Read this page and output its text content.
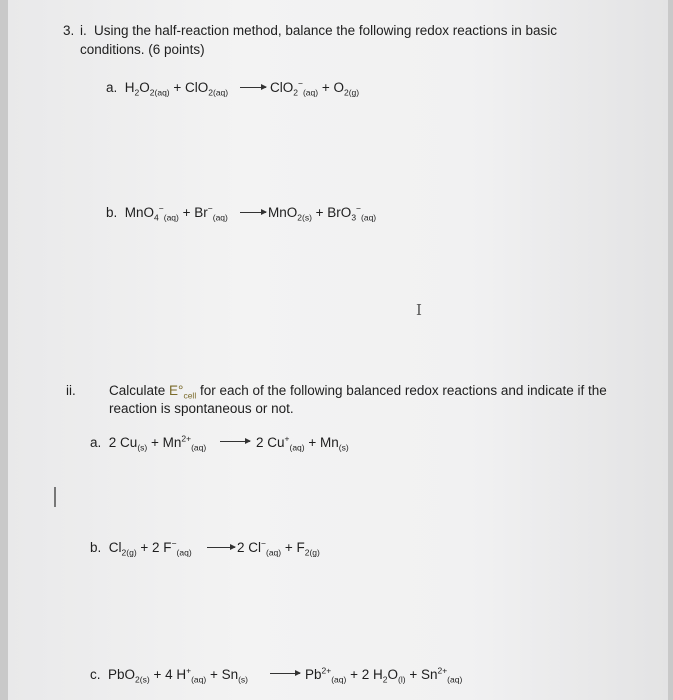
3. i. Using the half-reaction method, balance the following redox reactions in basic
conditions. (6 points)
a. $H_2O_{2(aq)} + ClO_{2(aq)} \to ClO_2^-_{(aq)} + O_{2(g)}$
b. $MnO_4^-_{(aq)} + Br^-_{(aq)} \to MnO_{2(s)} + BrO_3^-_{(aq)}$
I
ii. Calculate $E^\circ_{cell}$ for each of the following balanced redox reactions and indicate if the
reaction is spontaneous or not.
a. 2 $Cu_{(s)} + Mn^{2+}_{(aq)} \to 2$ $Cu^+_{(aq)} + Mn_{(s)}$
b. $Cl_{2(g)} + 2$ $F^-_{(aq)} \to 2$ $Cl^-_{(aq)} + F_{2(g)}$
c. PbO$_{2(s)}$ + 4 $H^+_{(aq)} + Sn_{(s)} \to Pb^{2+}_{(aq)} + 2$ $H_2O_{(l)} + Sn^{2+}_{(aq)}$
